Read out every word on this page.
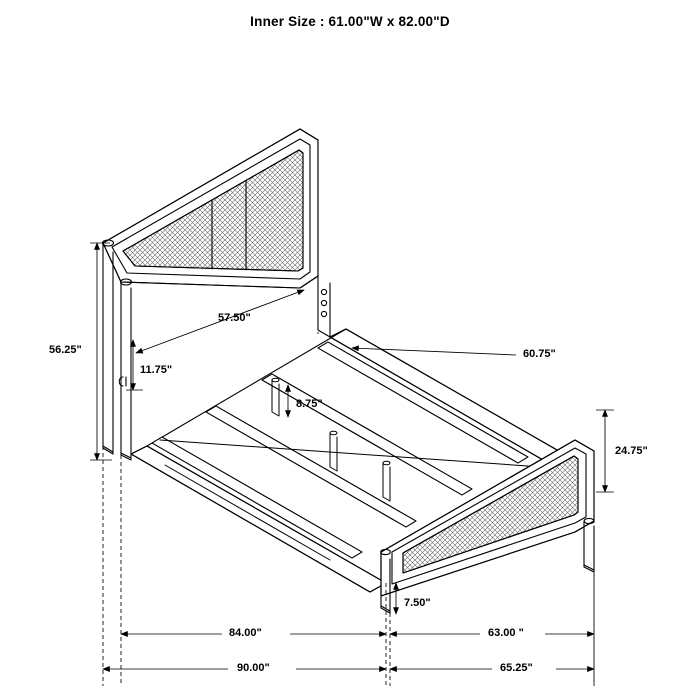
Inner Size : 61.00"W x 82.00"D
56.25"
57.50"
11.75"
60.75"
8.75"
24.75"
7.50"
84.00"	63.00 "
90.00"	65.25"
